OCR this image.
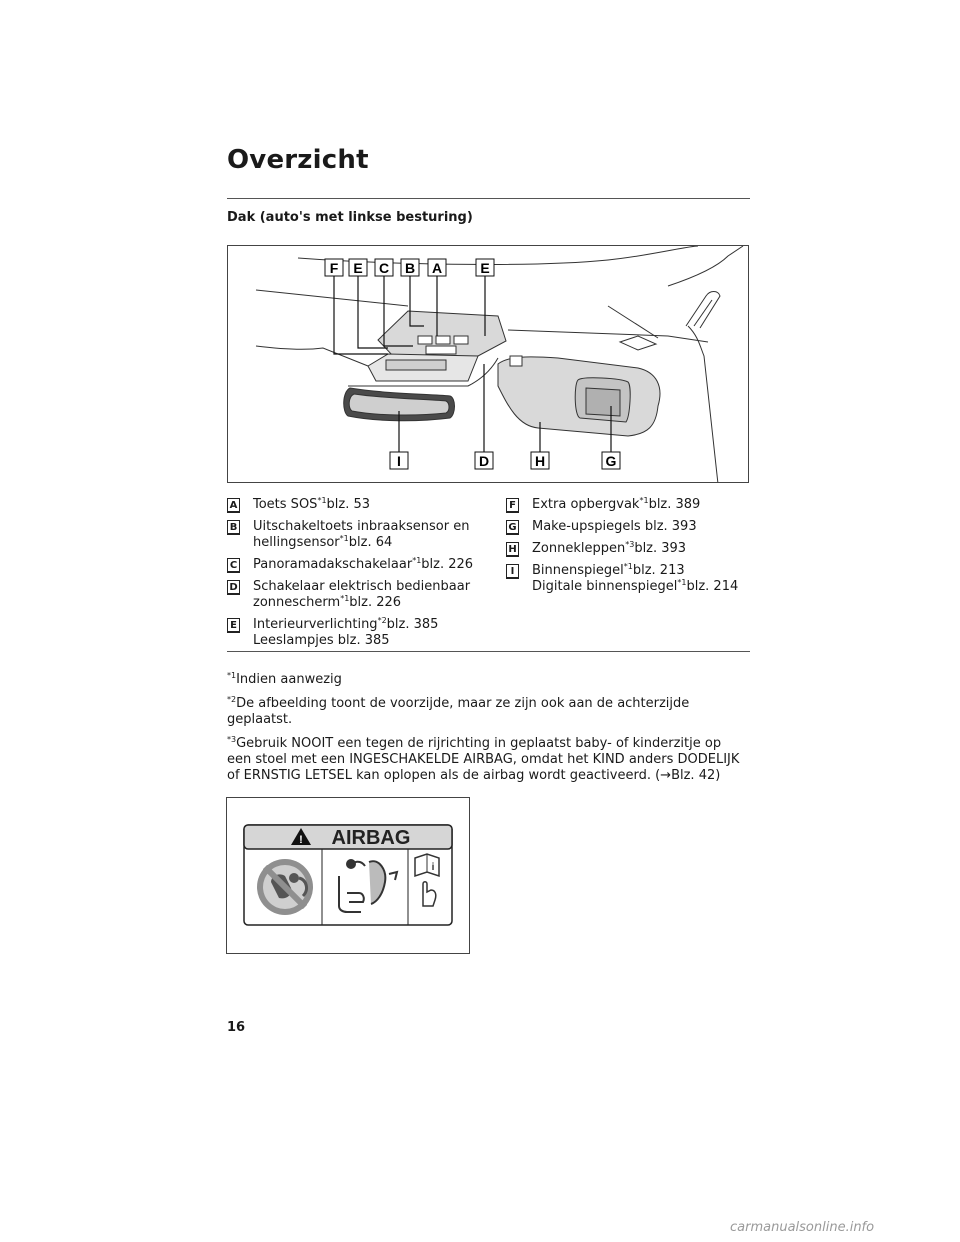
Overzicht
Dak (auto's met linkse besturing)
F E C B A	E
I	D	H	G
A Toets SOS$^{*1}$blz. 53
B Uitschakeltoets inbraaksensor en
hellingsensor$^{*1}$blz. 64
C Panoramadakschakelaar$^{*1}$blz. 226
D Schakelaar elektrisch bedienbaar
zonnescherm$^{*1}$blz. 226
E Interieurverlichting$^{*2}$blz. 385
Leeslampjes blz. 385
F Extra opbergvak$^{*1}$blz. 389
G Make-upspiegels blz. 393
H Zonnekleppen$^{*3}$blz. 393
I	Binnenspiegel$^{*1}$blz. 213
Digitale binnenspiegel$^{*1}$blz. 214

$^{*1}$Indien aanwezig

$^{*2}$De afbeelding toont de voorzijde, maar ze zijn ook aan de achterzijde geplaatst.

$^{*3}$Gebruik NOOIT een tegen de rijrichting in geplaatst baby- of kinderzitje op een stoel met een INGESCHAKELDE AIRBAG, omdat het KIND anders DODELIJK of ERNSTIG LETSEL kan oplopen als de airbag wordt geactiveerd. (→Blz. 42)

! AIRBAG
i
16
carmanualsonline.info
